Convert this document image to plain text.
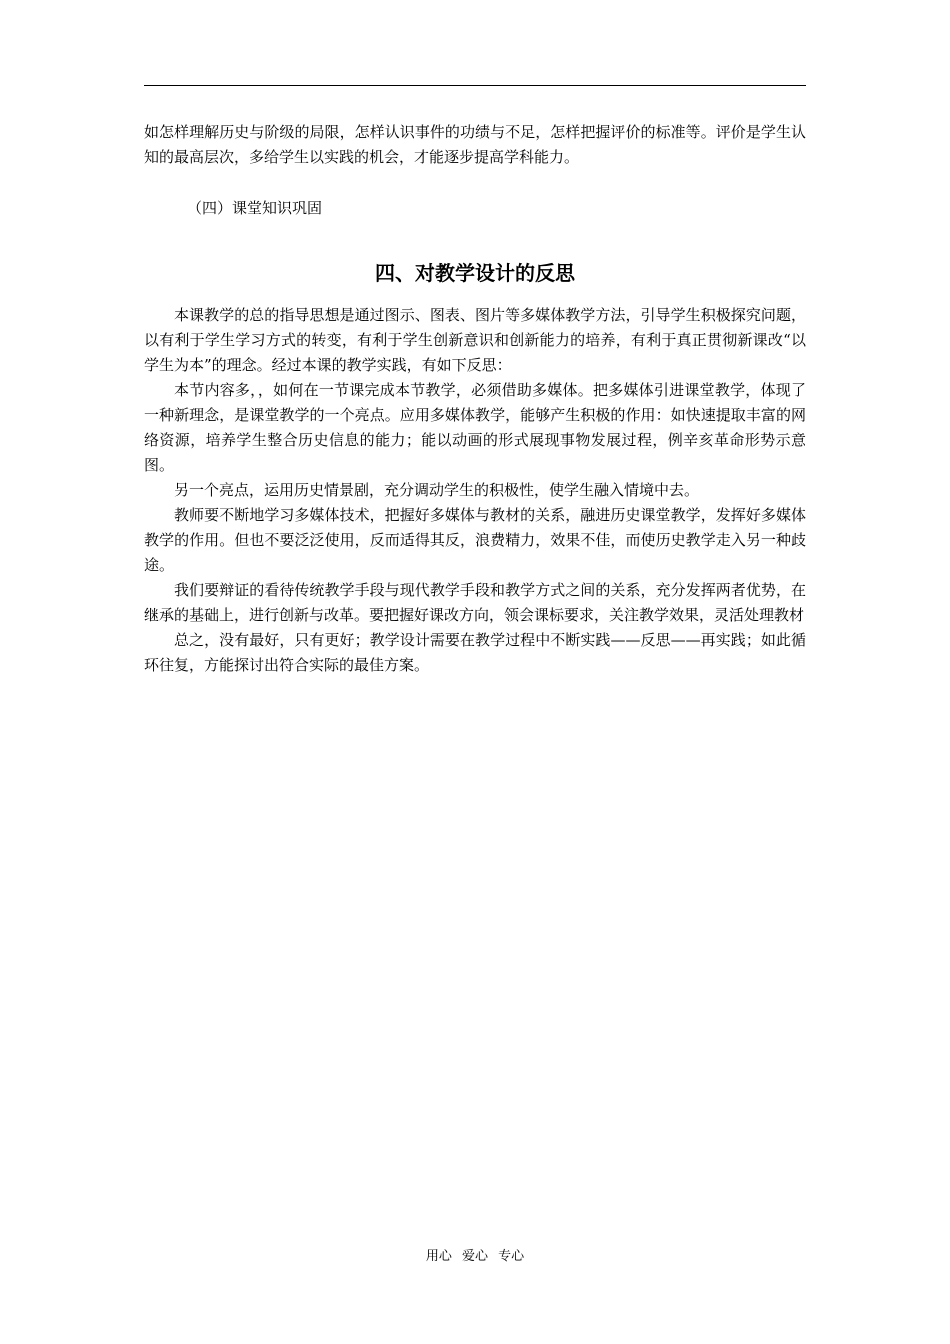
如怎样理解历史与阶级的局限，怎样认识事件的功绩与不足，怎样把握评价的标准等。评价是学生认知的最高层次，多给学生以实践的机会，才能逐步提高学科能力。

（四）课堂知识巩固

四、对教学设计的反思

本课教学的总的指导思想是通过图示、图表、图片等多媒体教学方法，引导学生积极探究问题，以有利于学生学习方式的转变，有利于学生创新意识和创新能力的培养，有利于真正贯彻新课改“以学生为本”的理念。经过本课的教学实践，有如下反思：

本节内容多，，如何在一节课完成本节教学，必须借助多媒体。把多媒体引进课堂教学，体现了一种新理念，是课堂教学的一个亮点。应用多媒体教学，能够产生积极的作用：如快速提取丰富的网络资源，培养学生整合历史信息的能力；能以动画的形式展现事物发展过程，例辛亥革命形势示意图。

另一个亮点，运用历史情景剧，充分调动学生的积极性，使学生融入情境中去。

教师要不断地学习多媒体技术，把握好多媒体与教材的关系，融进历史课堂教学，发挥好多媒体教学的作用。但也不要泛泛使用，反而适得其反，浪费精力，效果不佳，而使历史教学走入另一种歧途。

我们要辩证的看待传统教学手段与现代教学手段和教学方式之间的关系，充分发挥两者优势，在继承的基础上，进行创新与改革。要把握好课改方向，领会课标要求，关注教学效果，灵活处理教材

总之，没有最好，只有更好；教学设计需要在教学过程中不断实践——反思——再实践；如此循环往复，方能探讨出符合实际的最佳方案。

用心 爱心 专心
